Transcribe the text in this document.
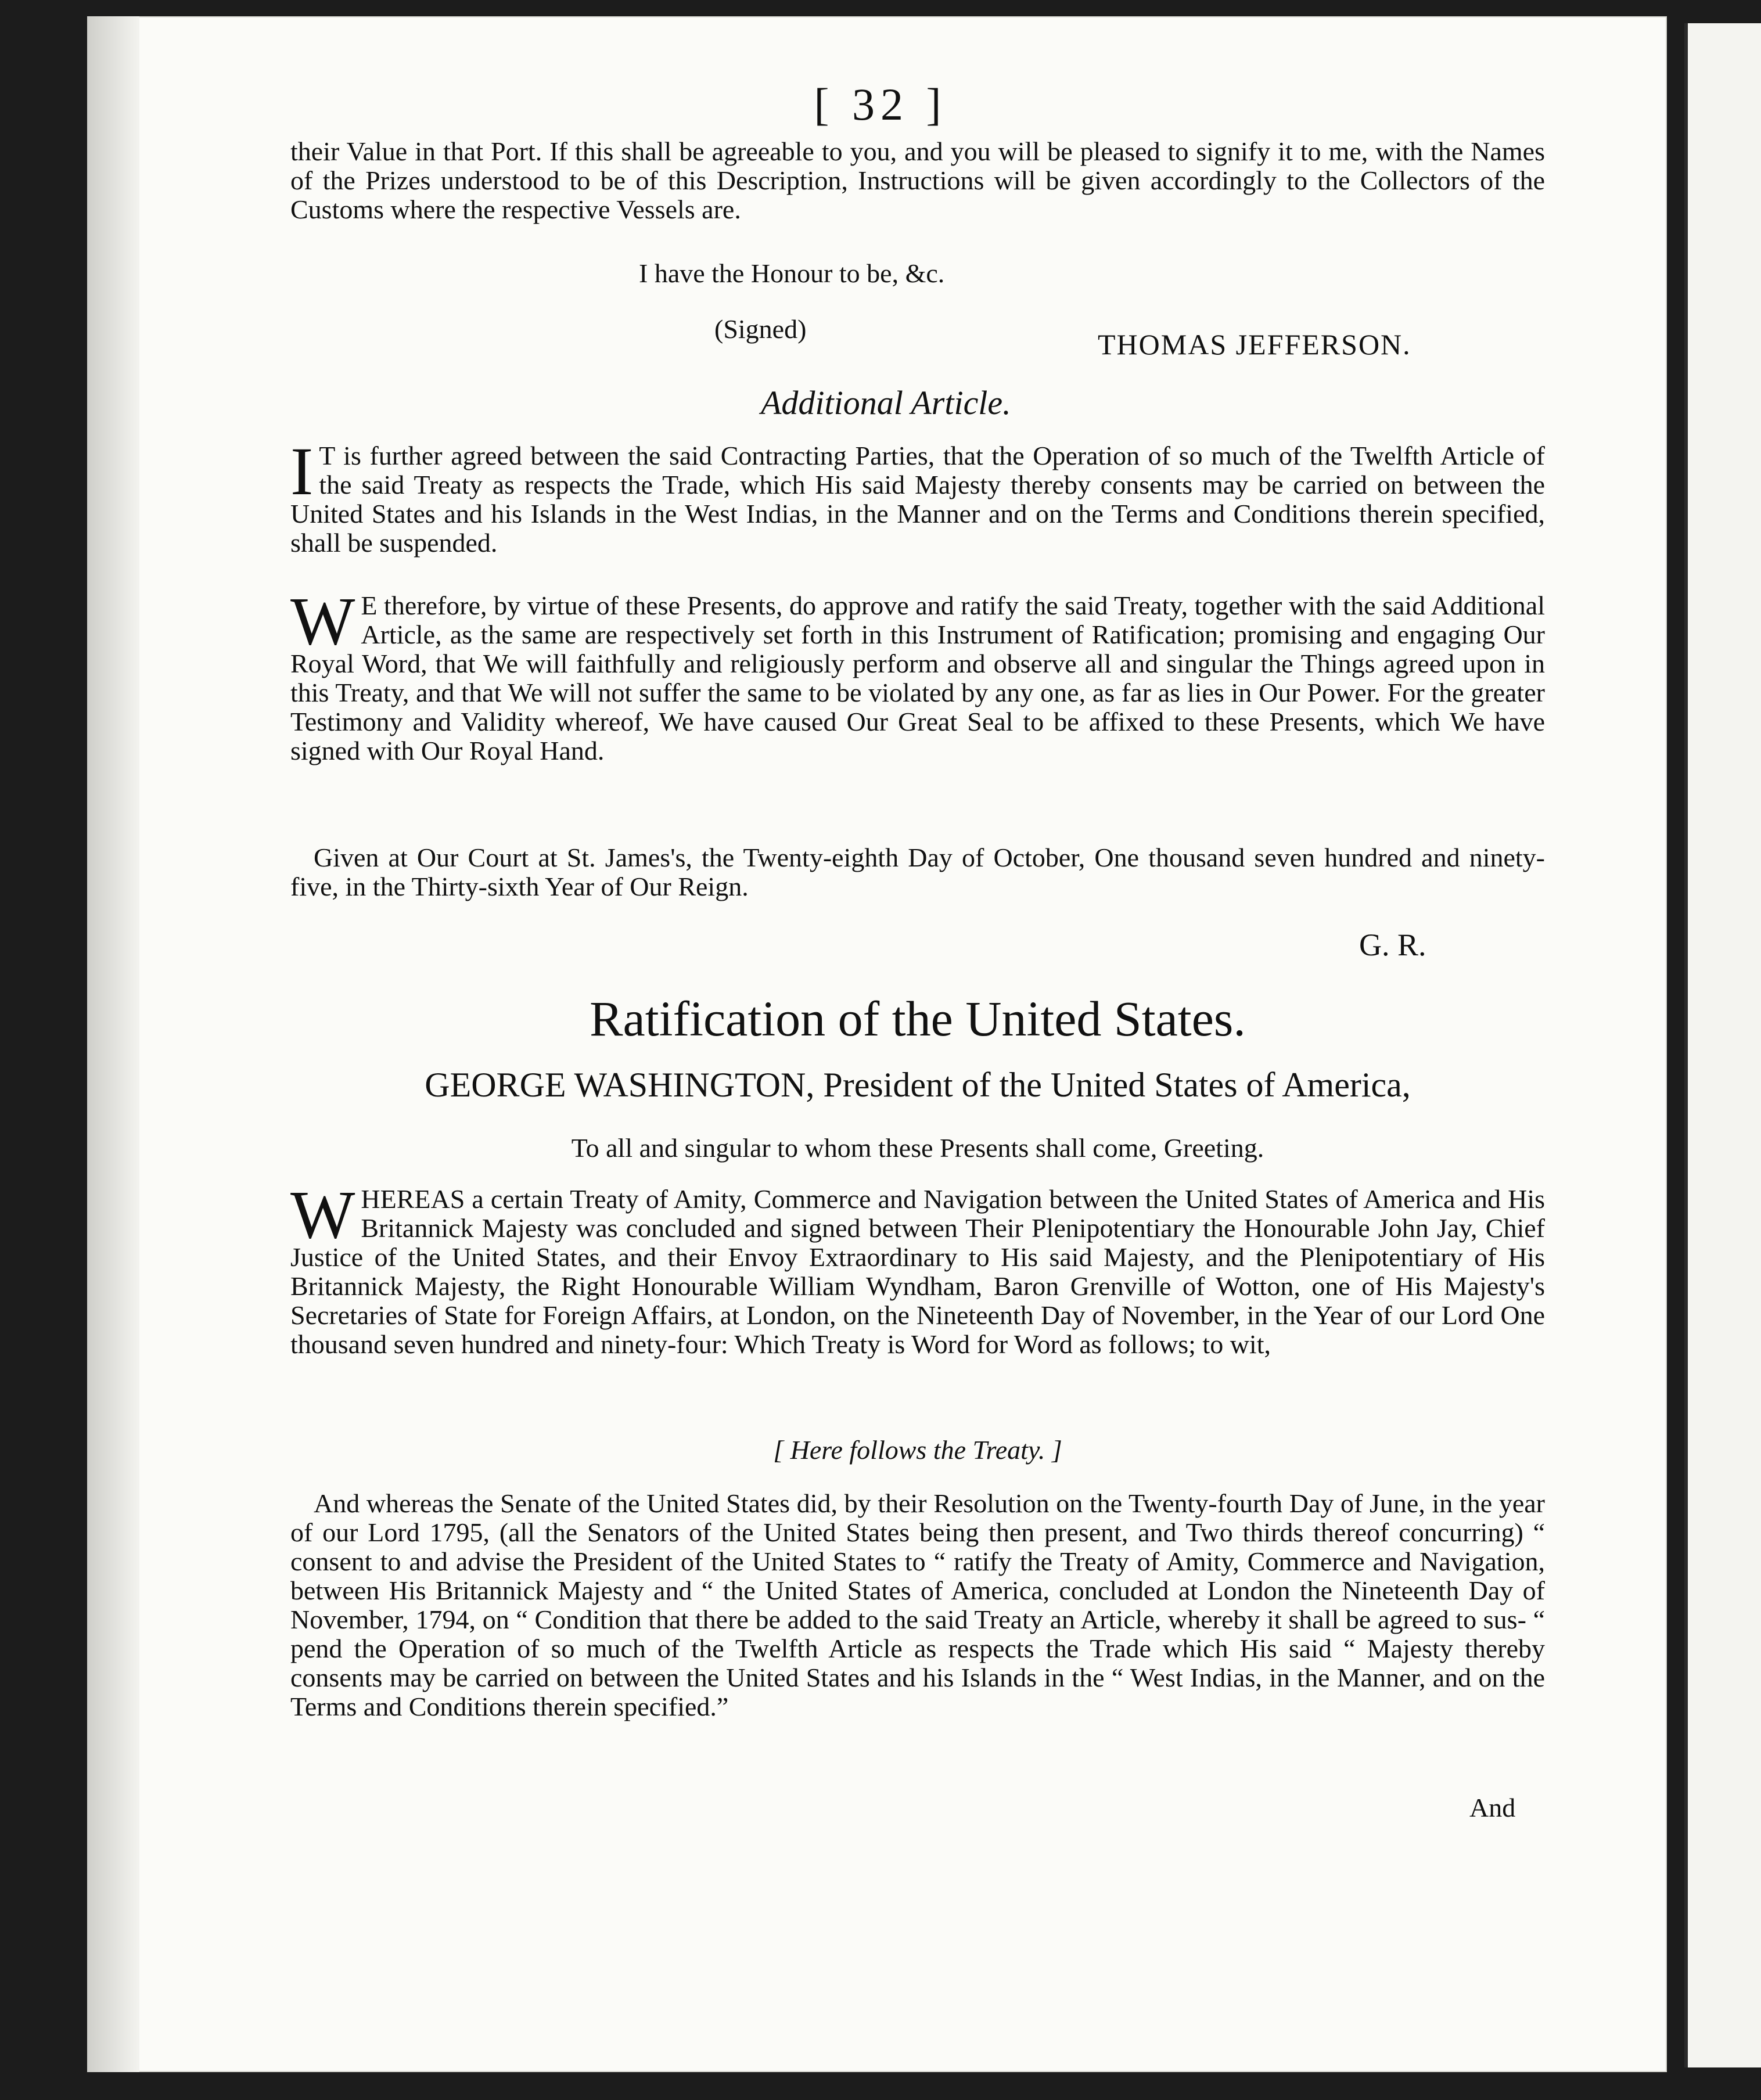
[ 32 ]

their Value in that Port. If this shall be agreeable to you, and you will be pleased to signify it to me, with the Names of the Prizes understood to be of this Description, Instructions will be given accordingly to the Collectors of the Customs where the respective Vessels are.

I have the Honour to be, &c.
(Signed)	THOMAS JEFFERSON.
Additional Article.

I T is further agreed between the said Contracting Parties, that the Operation of so much of the Twelfth Article of the said Treaty as respects the Trade, which His said Majesty thereby consents may be carried on between the United States and his Islands in the West Indias, in the Manner and on the Terms and Conditions therein specified, shall be suspended.

W E therefore, by virtue of these Presents, do approve and ratify the said Treaty, together with the said Additional Article, as the same are respectively set forth in this Instrument of Ratification; promising and engaging Our Royal Word, that We will faithfully and religiously perform and observe all and singular the Things agreed upon in this Treaty, and that We will not suffer the same to be violated by any one, as far as lies in Our Power. For the greater Testimony and Validity whereof, We have caused Our Great Seal to be affixed to these Presents, which We have signed with Our Royal Hand.

Given at Our Court at St. James's, the Twenty-eighth Day of October, One thousand seven hundred and ninety-five, in the Thirty-sixth Year of Our Reign.

G. R.
Ratification of the United States.
GEORGE WASHINGTON, President of the United States of America,
To all and singular to whom these Presents shall come, Greeting.

W HEREAS a certain Treaty of Amity, Commerce and Navigation between the United States of America and His Britannick Majesty was concluded and signed between Their Plenipotentiary the Honourable John Jay, Chief Justice of the United States, and their Envoy Extraordinary to His said Majesty, and the Plenipotentiary of His Britannick Majesty, the Right Honourable William Wyndham, Baron Grenville of Wotton, one of His Majesty's Secretaries of State for Foreign Affairs, at London, on the Nineteenth Day of November, in the Year of our Lord One thousand seven hundred and ninety-four: Which Treaty is Word for Word as follows; to wit,

[ Here follows the Treaty. ]

And whereas the Senate of the United States did, by their Resolution on the Twenty-fourth Day of June, in the year of our Lord 1795, (all the Senators of the United States being then present, and Two thirds thereof concurring) “ consent to and advise the President of the United States to “ ratify the Treaty of Amity, Commerce and Navigation, between His Britannick Majesty and “ the United States of America, concluded at London the Nineteenth Day of November, 1794, on “ Condition that there be added to the said Treaty an Article, whereby it shall be agreed to sus- “ pend the Operation of so much of the Twelfth Article as respects the Trade which His said “ Majesty thereby consents may be carried on between the United States and his Islands in the “ West Indias, in the Manner, and on the Terms and Conditions therein specified.”

And
